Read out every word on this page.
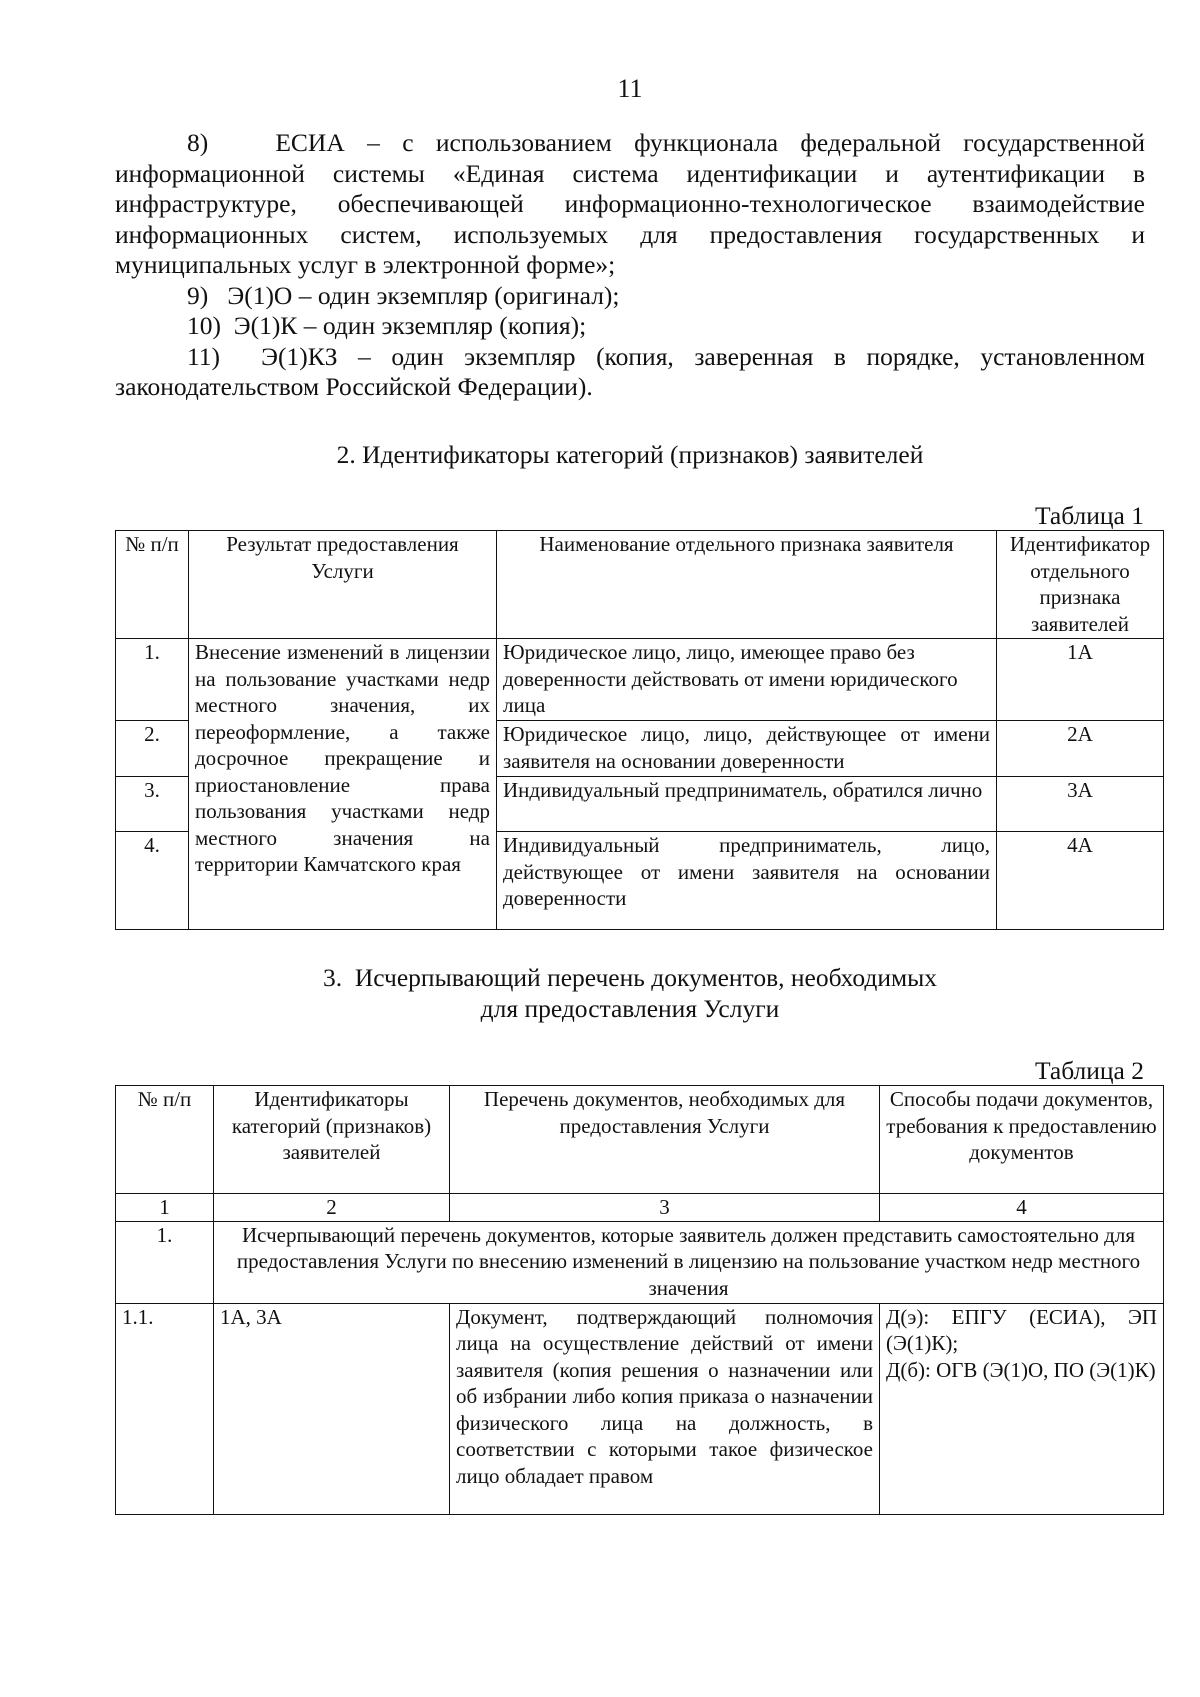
11

8)   ЕСИА – с использованием функционала федеральной государственной информационной системы «Единая система идентификации и аутентификации в инфраструктуре, обеспечивающей информационно-технологическое взаимодействие информационных систем, используемых для предоставления государственных и муниципальных услуг в электронной форме»;

9)   Э(1)О – один экземпляр (оригинал);

10)  Э(1)К – один экземпляр (копия);

11)  Э(1)КЗ – один экземпляр (копия, заверенная в порядке, установленном законодательством Российской Федерации).

2. Идентификаторы категорий (признаков) заявителей
Таблица 1
№ п/п	Результат предоставления Услуги	Наименование отдельного признака заявителя	Идентификатор отдельного признака заявителей
1.	Внесение изменений в лицензии на пользование участками недр местного значения, их переоформление, а также досрочное прекращение и приостановление права пользования участками недр местного значения на территории Камчатского края	Юридическое лицо, лицо, имеющее право без доверенности действовать от имени юридического лица	1А
2.		Юридическое лицо, лицо, действующее от имени заявителя на основании доверенности	2А
3.		Индивидуальный предприниматель, обратился лично	3А
4.		Индивидуальный предприниматель, лицо, действующее от имени заявителя на основании доверенности	4А
3.  Исчерпывающий перечень документов, необходимых
для предоставления Услуги
Таблица 2
№ п/п	Идентификаторы категорий (признаков) заявителей	Перечень документов, необходимых для предоставления Услуги	Способы подачи документов, требования к предоставлению документов
1	2	3	4
1.	Исчерпывающий перечень документов, которые заявитель должен представить самостоятельно для предоставления Услуги по внесению изменений в лицензию на пользование участком недр местного значения		
1.1.	1А, 3А	Документ, подтверждающий полномочия лица на осуществление действий от имени заявителя (копия решения о назначении или об избрании либо копия приказа о назначении физического лица на должность, в соответствии с которыми такое физическое лицо обладает правом	Д(э): ЕПГУ (ЕСИА), ЭП (Э(1)К);
Д(б): ОГВ (Э(1)О, ПО (Э(1)К)
